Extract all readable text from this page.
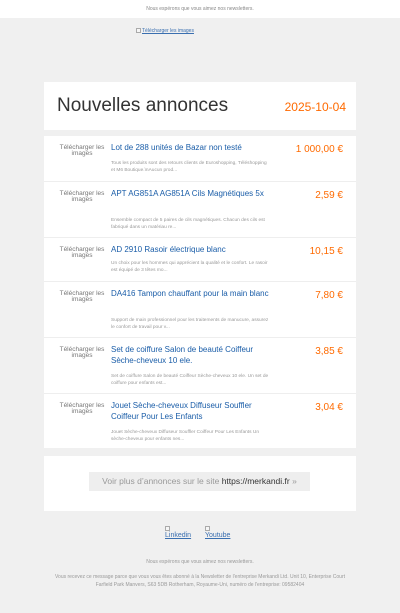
Nous espérons que vous aimez nos newsletters.
Télécharger les images
Nouvelles annonces	2025-10-04
Télécharger les images
Lot de 288 unités de Bazar non testé
Tous les produits sont des retours clients de Euroshopping, Téléshopping et M6 Boutique.\nAucun prod...
1 000,00 €
Télécharger les images
APT AG851A AG851A Cils Magnétiques 5x
Ensemble compact de 5 paires de cils magnétiques. Chacun des cils est fabriqué dans un matériau re...
2,59 €
Télécharger les images
AD 2910 Rasoir électrique blanc
Un choix pour les hommes qui apprécient la qualité et le confort. Le rasoir est équipé de 3 têtes mo...
10,15 €
Télécharger les images
DA416 Tampon chauffant pour la main blanc
Support de main professionnel pour les traitements de manucure, assurez le confort de travail pour v...
7,80 €
Télécharger les images
Set de coiffure Salon de beauté Coiffeur Sèche-cheveux 10 ele.
Set de coiffure Salon de beauté Coiffeur Sèche-cheveux 10 ele. Un set de coiffure pour enfants est...
3,85 €
Télécharger les images
Jouet Sèche-cheveux Diffuseur Souffler Coiffeur Pour Les Enfants
Jouet Sèche-cheveux Diffuseur Souffler Coiffeur Pour Les Enfants Un sèche-cheveux pour enfants nes...
3,04 €
Voir plus d’annonces sur le site https://merkandi.fr »
Linkedin Youtube
Nous espérons que vous aimez nos newsletters.
Vous recevez ce message parce que vous vous êtes abonné à la Newsletter de l'entreprise Merkandi Ltd. Unit 10, Enterprise Court Farfield Park Manvers, S63 5DB Rotherham, Royaume-Uni, numéro de l'entreprise: 09582404
